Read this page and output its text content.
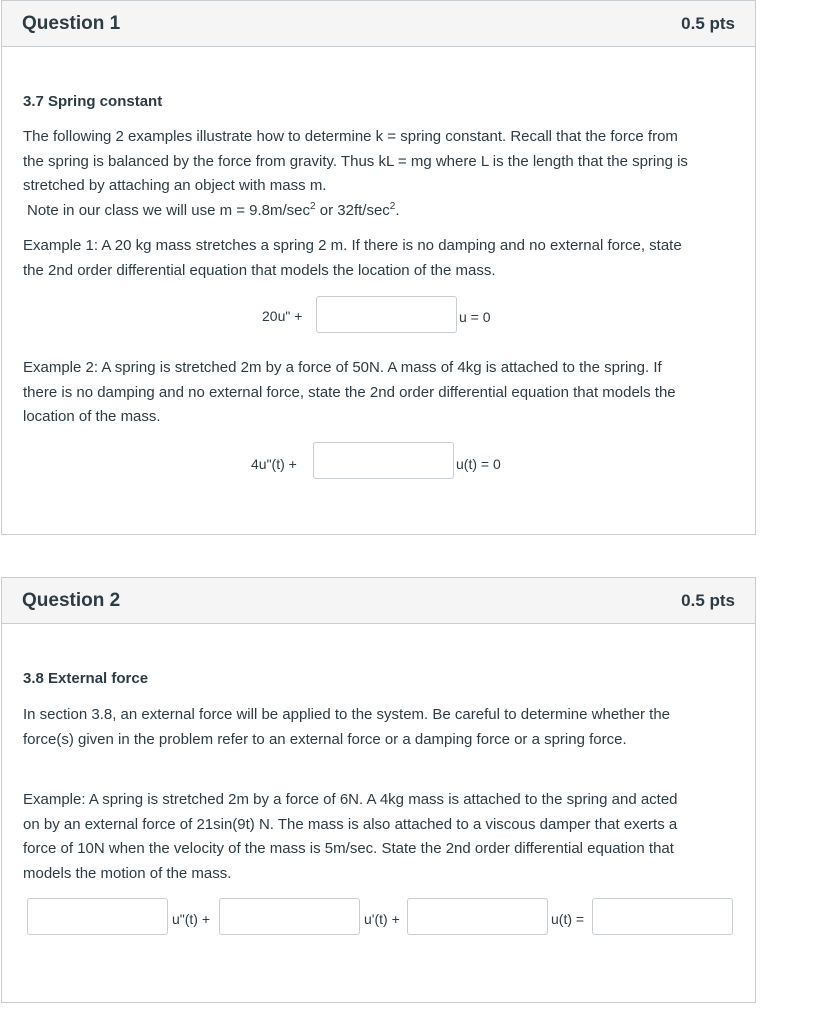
Question 1	0.5 pts
3.7 Spring constant
The following 2 examples illustrate how to determine k = spring constant. Recall that the force from
the spring is balanced by the force from gravity. Thus kL = mg where L is the length that the spring is
stretched by attaching an object with mass m.
Note in our class we will use $m = 9.8m/\sec^2$ or $32ft/\sec^2$.
Example 1: A 20 kg mass stretches a spring 2 m. If there is no damping and no external force, state
the 2nd order differential equation that models the location of the mass.
20u" +	u = 0
Example 2: A spring is stretched 2m by a force of 50N. A mass of 4kg is attached to the spring. If
there is no damping and no external force, state the 2nd order differential equation that models the
location of the mass.
4u"(t) +	u(t) = 0
Question 2	0.5 pts
3.8 External force
In section 3.8, an external force will be applied to the system. Be careful to determine whether the
force(s) given in the problem refer to an external force or a damping force or a spring force.
Example: A spring is stretched 2m by a force of 6N. A 4kg mass is attached to the spring and acted
on by an external force of 21sin(9t) N. The mass is also attached to a viscous damper that exerts a
force of 10N when the velocity of the mass is 5m/sec. State the 2nd order differential equation that
models the motion of the mass.
u"(t) +	u'(t) +	u(t) =
